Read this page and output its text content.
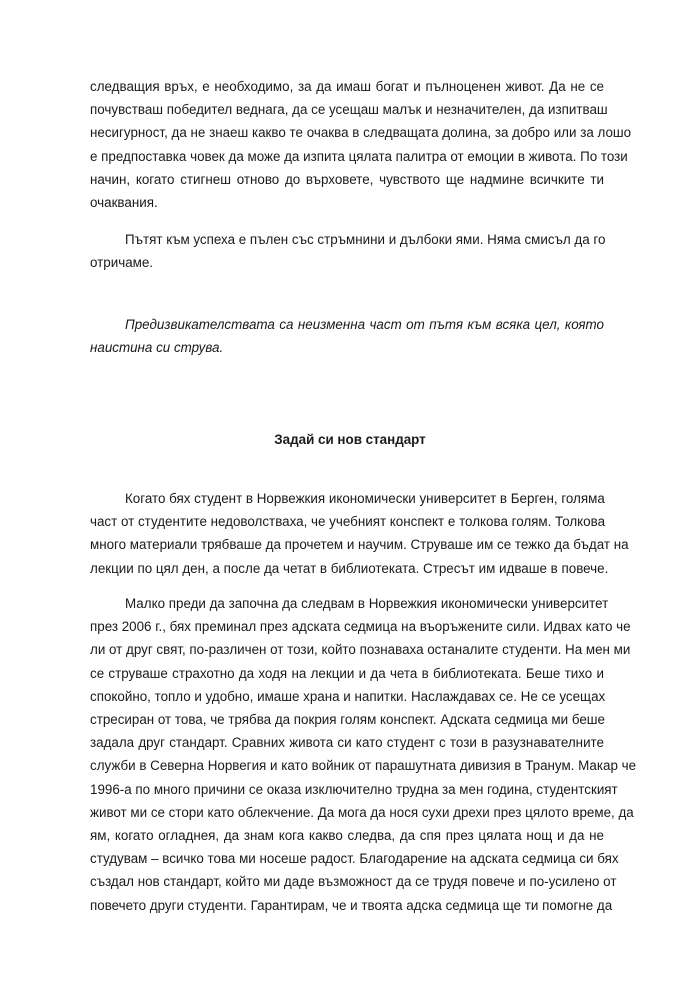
следващия връх, е необходимо, за да имаш богат и пълноценен живот. Да не се
почувстваш победител веднага, да се усещаш малък и незначителен, да изпитваш
несигурност, да не знаеш какво те очаква в следващата долина, за добро или за лошо
е предпоставка човек да може да изпита цялата палитра от емоции в живота. По този
начин, когато стигнеш отново до върховете, чувството ще надмине всичките ти
очаквания.

Пътят към успеха е пълен със стръмнини и дълбоки ями. Няма смисъл да го
отричаме.

Предизвикателствата са неизменна част от пътя към всяка цел, която
наистина си струва.

Задай си нов стандарт

Когато бях студент в Норвежкия икономически университет в Берген, голяма
част от студентите недоволстваха, че учебният конспект е толкова голям. Толкова
много материали трябваше да прочетем и научим. Струваше им се тежко да бъдат на
лекции по цял ден, а после да четат в библиотеката. Стресът им идваше в повече.

Малко преди да започна да следвам в Норвежкия икономически университет
през 2006 г., бях преминал през адската седмица на въоръжените сили. Идвах като че
ли от друг свят, по-различен от този, който познаваха останалите студенти. На мен ми
се струваше страхотно да ходя на лекции и да чета в библиотеката. Беше тихо и
спокойно, топло и удобно, имаше храна и напитки. Наслаждавах се. Не се усещах
стресиран от това, че трябва да покрия голям конспект. Адската седмица ми беше
задала друг стандарт. Сравних живота си като студент с този в разузнавателните
служби в Северна Норвегия и като войник от парашутната дивизия в Транум. Макар че
1996-а по много причини се оказа изключително трудна за мен година, студентският
живот ми се стори като облекчение. Да мога да нося сухи дрехи през цялото време, да
ям, когато огладнея, да знам кога какво следва, да спя през цялата нощ и да не
студувам – всичко това ми носеше радост. Благодарение на адската седмица си бях
създал нов стандарт, който ми даде възможност да се трудя повече и по-усилено от
повечето други студенти. Гарантирам, че и твоята адска седмица ще ти помогне да
